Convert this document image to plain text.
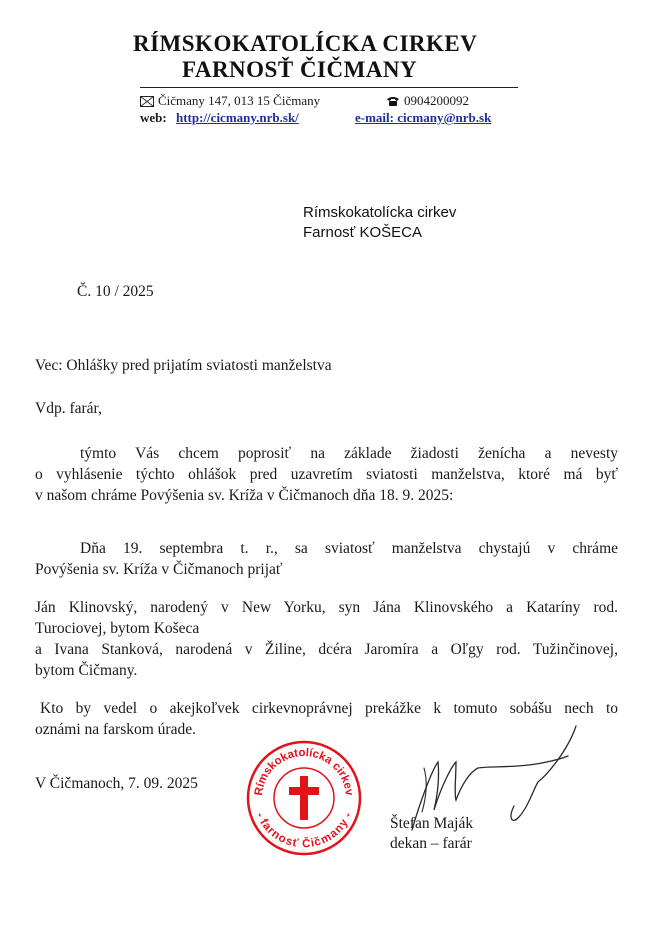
RÍMSKOKATOLÍCKA CIRKEV
FARNOSŤ ČIČMANY
Čičmany 147, 013 15 Čičmany	0904200092
web: http://cicmany.nrb.sk/	e-mail: cicmany@nrb.sk
Rímskokatolícka cirkev
Farnosť KOŠECA
Č. 10 / 2025
Vec: Ohlášky pred prijatím sviatosti manželstva
Vdp. farár,
týmto Vás chcem poprosiť na základe žiadosti ženícha a nevesty
o vyhlásenie týchto ohlášok pred uzavretím sviatosti manželstva, ktoré má byť
v našom chráme Povýšenia sv. Kríža v Čičmanoch dňa 18. 9. 2025:
Dňa 19. septembra t. r., sa sviatosť manželstva chystajú v chráme
Povýšenia sv. Kríža v Čičmanoch prijať
Ján Klinovský, narodený v New Yorku, syn Jána Klinovského a Kataríny rod.
Turociovej, bytom Košeca
a Ivana Stanková, narodená v Žiline, dcéra Jaromíra a Oľgy rod. Tužinčinovej,
bytom Čičmany.
Kto by vedel o akejkoľvek cirkevnoprávnej prekážke k tomuto sobášu nech to
oznámi na farskom úrade.
V Čičmanoch, 7. 09. 2025	Rímskokatolícka cirkev
- farnosť Čičmany - Štefan Maják
dekan – farár
